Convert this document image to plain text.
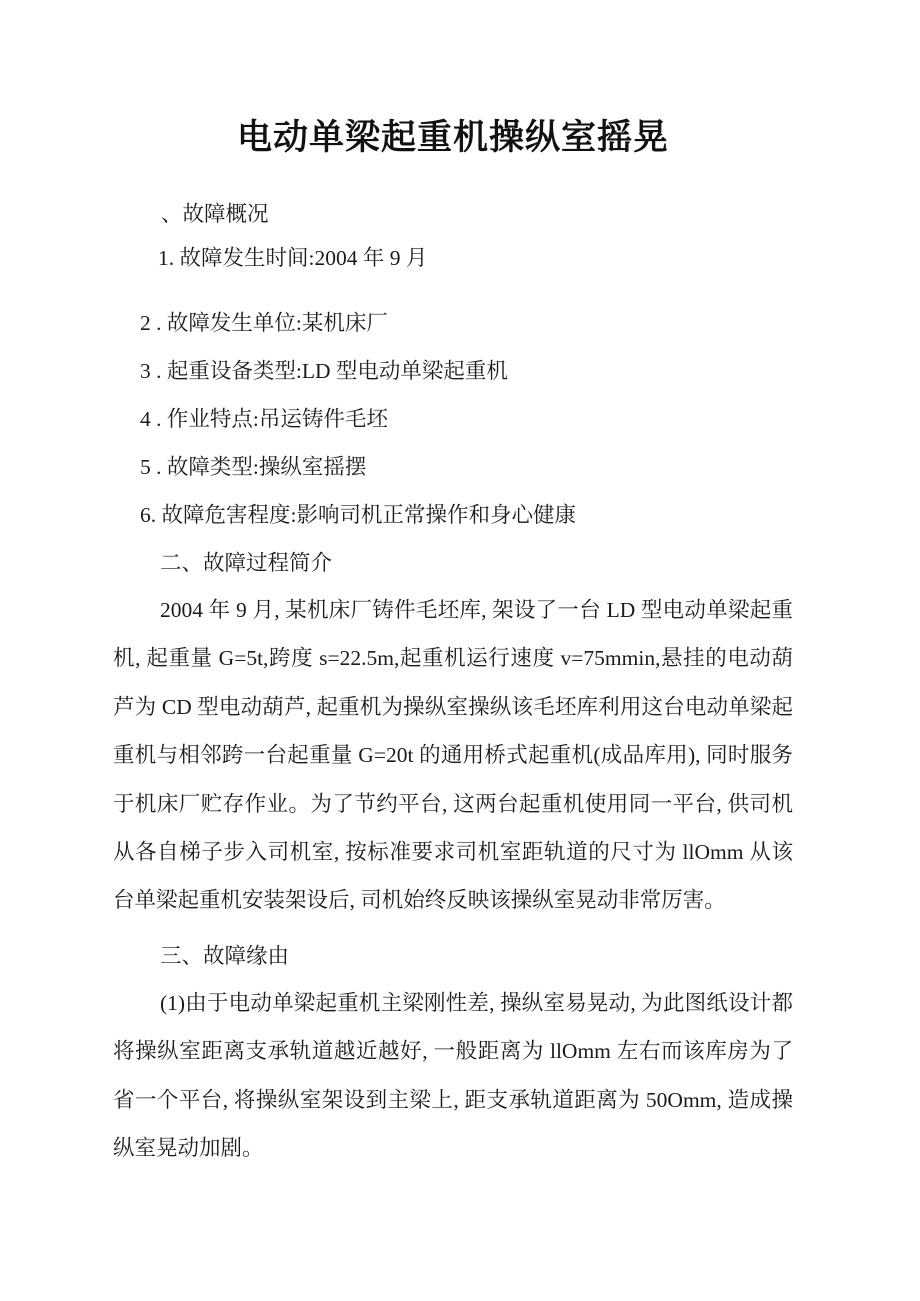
电动单梁起重机操纵室摇晃
、故障概况
1. 故障发生时间:2004 年 9 月
2 . 故障发生单位:某机床厂
3 . 起重设备类型:LD 型电动单梁起重机
4 . 作业特点:吊运铸件毛坯
5 . 故障类型:操纵室摇摆
6. 故障危害程度:影响司机正常操作和身心健康
二、故障过程简介
2004 年 9 月, 某机床厂铸件毛坯库, 架设了一台 LD 型电动单梁起重机, 起重量 G=5t,跨度 s=22.5m,起重机运行速度 v=75mmin,悬挂的电动葫芦为 CD 型电动葫芦, 起重机为操纵室操纵该毛坯库利用这台电动单梁起重机与相邻跨一台起重量 G=20t 的通用桥式起重机(成品库用), 同时服务于机床厂贮存作业。为了节约平台, 这两台起重机使用同一平台, 供司机从各自梯子步入司机室, 按标准要求司机室距轨道的尺寸为 llOmm 从该台单梁起重机安装架设后, 司机始终反映该操纵室晃动非常厉害。
三、故障缘由
(1)由于电动单梁起重机主梁刚性差, 操纵室易晃动, 为此图纸设计都将操纵室距离支承轨道越近越好, 一般距离为 llOmm 左右而该库房为了省一个平台, 将操纵室架设到主梁上, 距支承轨道距离为 50Omm, 造成操纵室晃动加剧。
